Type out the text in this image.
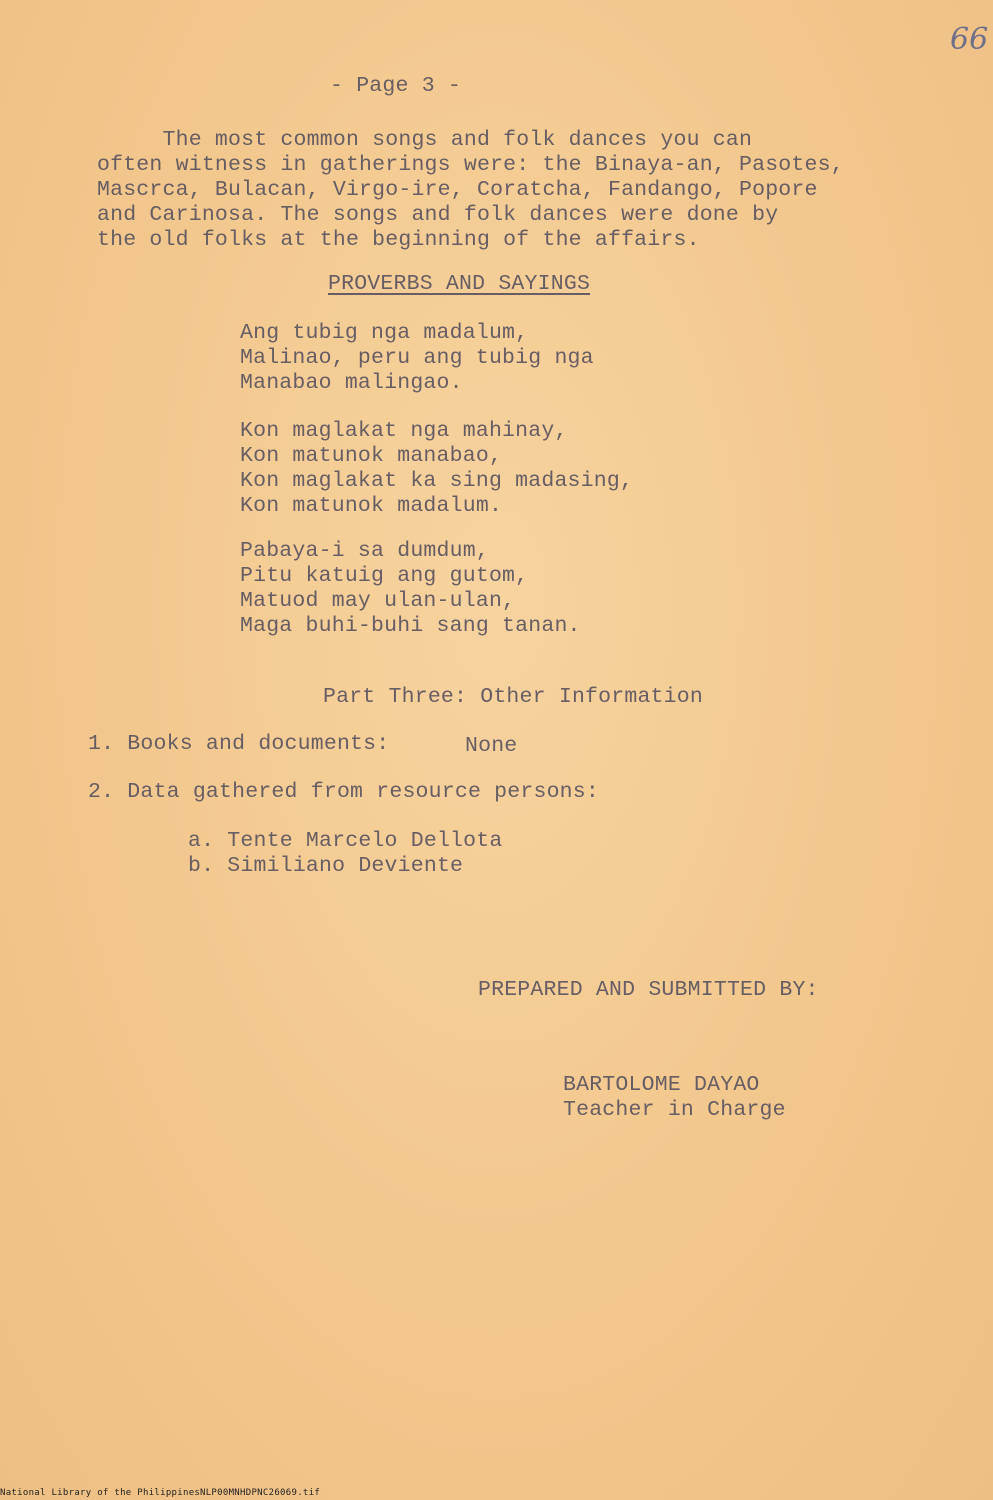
66
- Page 3 -
The most common songs and folk dances you can
often witness in gatherings were: the Binaya-an, Pasotes,
Mascrca, Bulacan, Virgo-ire, Coratcha, Fandango, Popore
and Carinosa. The songs and folk dances were done by
the old folks at the beginning of the affairs.
PROVERBS AND SAYINGS
Ang tubig nga madalum,
Malinao, peru ang tubig nga
Manabao malingao.
Kon maglakat nga mahinay,
Kon matunok manabao,
Kon maglakat ka sing madasing,
Kon matunok madalum.
Pabaya-i sa dumdum,
Pitu katuig ang gutom,
Matuod may ulan-ulan,
Maga buhi-buhi sang tanan.
Part Three: Other Information
1. Books and documents:	None
2. Data gathered from resource persons:
a. Tente Marcelo Dellota
b. Similiano Deviente
PREPARED AND SUBMITTED BY:
BARTOLOME DAYAO
Teacher in Charge
National Library of the Philippines NLP00MNHDPNC26069.tif
